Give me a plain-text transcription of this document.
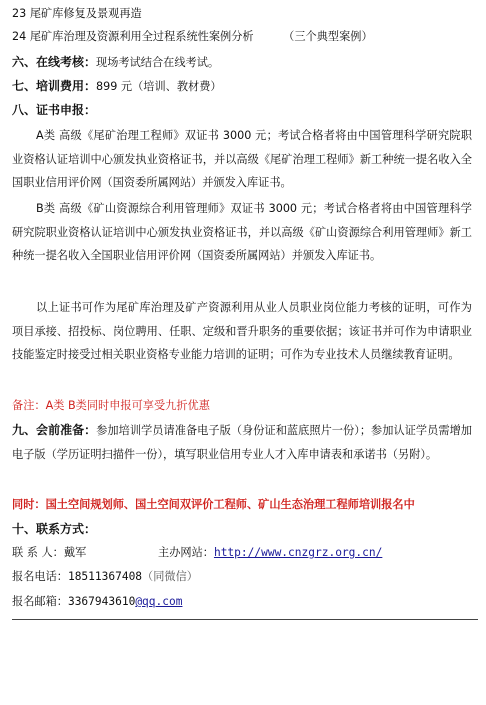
23 尾矿库修复及景观再造
24 尾矿库治理及资源利用全过程系统性案例分析	（三个典型案例）
六、在线考核：现场考试结合在线考试。
七、培训费用：899 元（培训、教材费）
八、证书申报：
A类 高级《尾矿治理工程师》双证书 3000 元；考试合格者将由中国管理科学研究院职业资格认证培训中心颁发执业资格证书，并以高级《尾矿治理工程师》新工种统一提名收入全国职业信用评价网（国资委所属网站）并颁发入库证书。
B类 高级《矿山资源综合利用管理师》双证书 3000 元；考试合格者将由中国管理科学研究院职业资格认证培训中心颁发执业资格证书，并以高级《矿山资源综合利用管理师》新工种统一提名收入全国职业信用评价网（国资委所属网站）并颁发入库证书。
以上证书可作为尾矿库治理及矿产资源利用从业人员职业岗位能力考核的证明，可作为项目承接、招投标、岗位聘用、任职、定级和晋升职务的重要依据；该证书并可作为申请职业技能鉴定时接受过相关职业资格专业能力培训的证明；可作为专业技术人员继续教育证明。
备注：A类 B类同时申报可享受九折优惠
九、会前准备：参加培训学员请准备电子版（身份证和蓝底照片一份）；参加认证学员需增加电子版（学历证明扫描件一份），填写职业信用专业人才入库申请表和承诺书（另附）。
同时：国土空间规划师、国土空间双评价工程师、矿山生态治理工程师培训报名中
十、联系方式：
联 系 人：戴军	主办网站：http://www.cnzgrz.org.cn/
报名电话：18511367408（同微信）
报名邮箱：3367943610@qq.com
